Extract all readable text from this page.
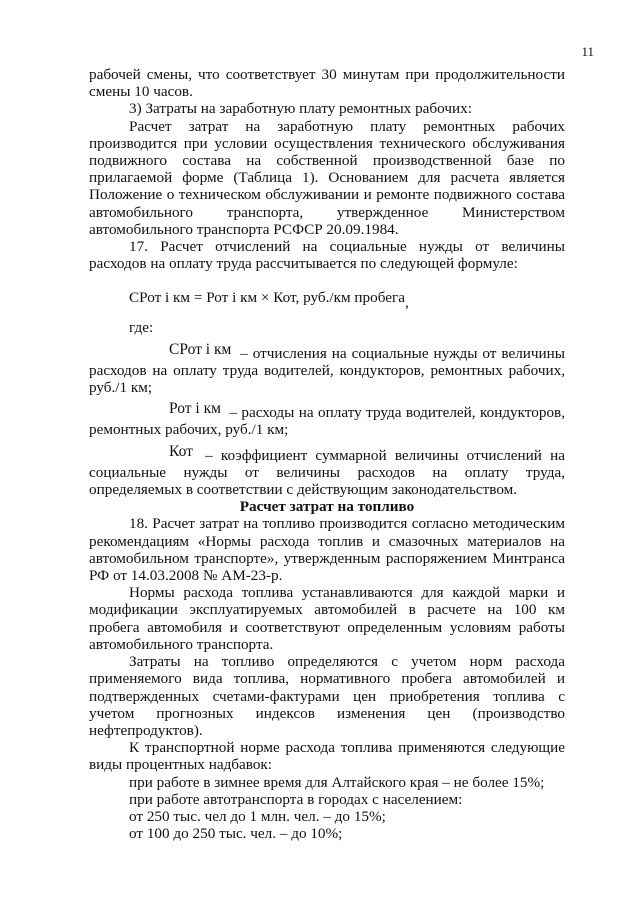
11

рабочей смены, что соответствует 30 минутам при продолжительности смены 10 часов.

3) Затраты на заработную плату ремонтных рабочих:

Расчет затрат на заработную плату ремонтных рабочих производится при условии осуществления технического обслуживания подвижного состава на собственной производственной базе по прилагаемой форме (Таблица 1). Основанием для расчета является Положение о техническом обслуживании и ремонте подвижного состава автомобильного транспорта, утвержденное Министерством автомобильного транспорта РСФСР 20.09.1984.

17. Расчет отчислений на социальные нужды от величины расходов на оплату труда рассчитывается по следующей формуле:

СРот і км = Рот і км × Кот, руб./км пробега,

где:

СРот і км – отчисления на социальные нужды от величины расходов на оплату труда водителей, кондукторов, ремонтных рабочих, руб./1 км;

Рот і км – расходы на оплату труда водителей, кондукторов, ремонтных рабочих, руб./1 км;

Кот – коэффициент суммарной величины отчислений на социальные нужды от величины расходов на оплату труда, определяемых в соответствии с действующим законодательством.

Расчет затрат на топливо

18. Расчет затрат на топливо производится согласно методическим рекомендациям «Нормы расхода топлив и смазочных материалов на автомобильном транспорте», утвержденным распоряжением Минтранса РФ от 14.03.2008 № АМ-23-р.

Нормы расхода топлива устанавливаются для каждой марки и модификации эксплуатируемых автомобилей в расчете на 100 км пробега автомобиля и соответствуют определенным условиям работы автомобильного транспорта.

Затраты на топливо определяются с учетом норм расхода применяемого вида топлива, нормативного пробега автомобилей и подтвержденных счетами-фактурами цен приобретения топлива с учетом прогнозных индексов изменения цен (производство нефтепродуктов).

К транспортной норме расхода топлива применяются следующие виды процентных надбавок:

при работе в зимнее время для Алтайского края – не более 15%;

при работе автотранспорта в городах с населением:

от 250 тыс. чел до 1 млн. чел. – до 15%;

от 100 до 250 тыс. чел. – до 10%;
